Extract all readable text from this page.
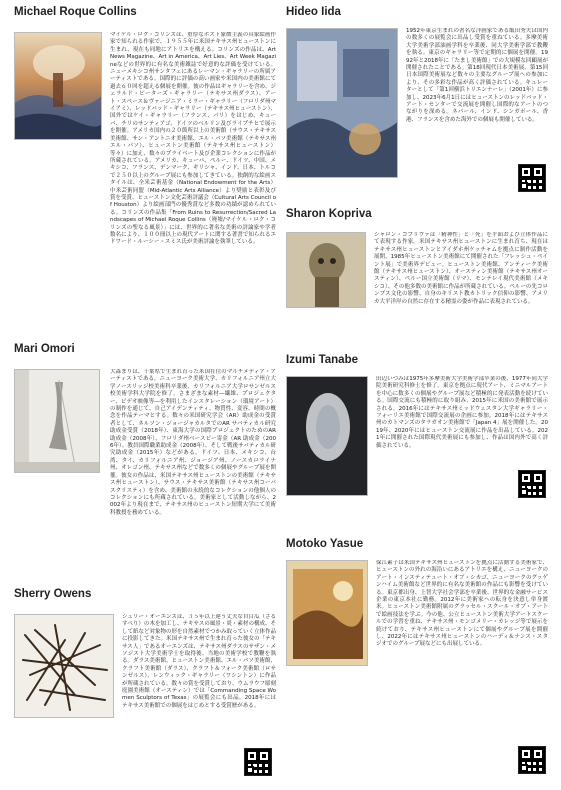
Michael Roque Collins
マイケル・ロク・コリンズは、重厚なボスト象徴主義の具象絵画作家で知られる作家で、１９５５年に米国テキサス州ヒューストンに生まれ、現在も同地にアトリエを構える。コリンズの作品は、Art News Magazine、Art in America、Art Lies、Art Week Magazineなどの世界的に有名な美術雑誌で好意的な評価を受けている。ニューメキシコ州サンタフェにあるレーマン・ギャラリーの所属アーティストである。国際的に評価の高い画家や米国内の美術館にて過去６０回を超える個展を開催。彼の作品はギャラリーを含め、ジェラルド・ピーターズ・ギャラリー（テキサス州ダラス）、アート・スペース＆ヴァージニア・ミラー・ギャラリー（フロリダ州マイアミ）、レッドバッド・ギャラリー（テキサス州ヒューストン）、国外ではケイ・ギャラリー（フランス、パリ）をはじめ、キューバ、チリのサンティアゴ、ドイツのベルリン及びライプチヒで展示を開催。アメリカ国内の２０箇所以上の美術館（サウス・テキサス美術館、サン・アントニオ美術館、エル・パソ美術館（テキサス州エル・パソ）、ヒューストン美術館（テキサス州ヒューストン）等々）に加え、数々のプライベート及び企業コレクションに作品が所蔵されている。アメリカ、キューバ、ペルー、ドイツ、中国、メキシコ、フランス、デンマーク、ギリシャ、インド、日本、トルコで２５０以上のグループ展にも参加してきている。独創的な絵画スタイルは、全米芸術基金（National Endowment for the Arts）中米芸術同盟（Mid-Atlantic Arts Alliance）より奨励と表彰及び賞を受賞、ヒューストン文化芸術評議会（Cultural Arts Council of Houston）より絵画部門の優秀賞など多数の功績が認められている。コリンズの作品集「From Ruins to Resurrection/Sacred Landscapes of Michael Roque Collins（廃墟/マイケル・ロク・コリンズの聖なる風景）」には、世界的に著名な美術の評論家や学者数名により、１００冊以上の現代アートに関する著書で知られるエドワード・ルーシー・スミス氏が美術評論を執筆している。
Mari Omori
大森まりは、千葉県で生まれ育った米国在住のマルチメディア・アーティストである。ニューヨーク美術大学、カリフォルニア州立大学ノースリッジ校美術科卒業後、カリフォルニア大学ロサンゼルス校美術学科大学院を修了。さまざまな素材―繊維、プロジェクター、ビデオ映像等―を利用したインスタレーション（環境アート）の制作を通じて、自己アイデンティティ、物質性、変容、時間の概念を作品テーマとする。数々の米国研究学会（AR）助成金の受賞者として、ネルソン・ジョージャカルタでのAR サバティカル研究助成金受賞（2018年）、東海大学の国際プロジェクトのためのAR 助成金（2008年）、フロリダ州ベースビー寄金（AR 助成金（2006年）、教員国際職業助成金（2008年）、そして戦後サバティカル研究助成金（2015年）などがある。ドイツ、日本、メキシコ、台湾、タイ、カリフォルニア州、ジョージア州、ノースカロライナ州、オレゴン州、テキサス州などで数多くの個展やグループ展を開催。彼女の作品は、米国テキサス州ヒューストンの美術館（テキサス州ヒューストン）、サウス・テキサス美術館（テキサス州コーパスクリスティ）を含め、美術館の永続的なコレクションの他個人のコレクションにも所蔵されている。美術家として活動しながら、2002年より現在まで、テキサス州のヒューストン短期大学にて美術科教授を務めている。
Sherry Owens
シェリー・オーエンズは、３５年以上違う丈夫な自目瓜（さるすべり）の木を加工し、テキサスの風景・炎・素材の構成、そして紙など対象物の形を自然素材でつかみ取っていく立体作品に投影してきた。米国テキサス州で生まれ育った彼女の「テキサス人」であるオーエンズは、テキサス州ダラスのサザン・メソジスト大学美術学士を取得後、当地の美術学校で教鞭を執る。ダラス美術館、ヒューストン美術館、エル・パソ美術館、クラフト美術館（ダラス）、クラフト＆フォーク美術館（ロサンゼルス）、レンウィック・ギャラリー（ワシントン）に作品が所蔵されている。数々の賞を受賞しており、ウムラウフ彫刻庭園美術館（オースティン）では「Commanding Space Women Sculptors of Texas」の展覧会にも出品。2018年にはテキサス美術館での個展をはじめとする受賞歴がある。
Hideo Iida
1952年東京生まれの著名な洋画家である飯田秀夫は国内の数多くの展覧会に出品し受賞を重ねている。多摩美術大学美術学部油画学科を卒業後、同大学美術学部で教鞭を執る。東京のギャラリー等で定期的に個展を開催。1992年と2018年に「たまし美術館」での大規模な回顧展が開催されたことである。第18回現代日本美術展、第15回日本国際美術展など数々の主要なグループ展への参加により、その多彩な作品が高く評価されている。キュレーターとして「第1回横浜トリエンナーレ」（2001年）に参加し、2023年6月1日にはヒューストンのレッドバッド・アート・センターで交流展を開催し国際的なアートのつながりを深める。ネパール、インド、シンガポール、香港、フランスを含めた海外での個展も開催している。
Sharon Kopriva
シャロン・コプリヴァは「精神性」と「死」を平面および立体作品にて表現する作家。米国テキサス州ヒューストンに生まれ育ち、現在はテキサス州ヒューストンとアイダホ州ケッチャムを拠点に制作活動を展開。1985年ヒューストン美術館にて開催された「フレッシュ・ペイント展」で美術界デビュー。ヒューストン美術館、アンティーク美術館（テキサス州ヒューストン）、オースティン美術館（テキサス州オースティン）、ペルー国立美術館（リマ）、モンテレイ現代美術館（メキシコ）、その他多数の美術館に作品が所蔵されている。ペルーの先コロンブス文化の影響、自身のキリスト教カトリック信仰の影響、アメリカ大平洋岸の自然に存在する精霊の姿が作品に表現されている。
Izumi Tanabe
田辺いづみは1975年多摩美術大学美術学部卒業の後、1977年同大学院美術研究科修士を修了。東京を拠点に現代アート、ミニマルアートを中心に数多くの個展やグループ展など積極的に発表活動を続けている。国際交流にも積極的に取り組み、2015年に米国の美術館で展示される。2016年にはテキサス州ミッドウェスタン大学ギャラリー・フォーリエ美術館で国際交流展の企画に参加。2018年にはテキサス州のカトマンズのタラガオン美術館で「Japan 4」展を開催した。2019年、2020年にはヒューストン交流展に作品を出品している。2021年に開催された国際現代美術展にも参加し、作品は国内外で高く評価されている。
Motoko Yasue
保江素子は米国テキサス州ヒューストンを拠点に活動する美術家で、ヒューストンの外れの海沿いにあるアトリエを構え、ニューヨークのアート・インスティテュート・オブ・シカゴ、ニューヨークのグッゲンハイム美術館など世界的に有名な美術館の作品にも影響を受けている。東京都出身、上智大学社会学部を卒業後、世界的な金融サービス企業の東京本社に勤務。2012年に美術家への転身を決意し単身渡米。ヒューストン美術館附属のグラッセル・スクール・オブ・アートで絵画技法を学ぶ。今の他、公立ヒューストン美術大学アートスクールでの学習を重ね、テキサス州・モンゴメリー・カレッジ等で展示を続けており、テキサス州ヒューストンにて個展やグループ展を開催し、2022年にはテキサス州ヒューストンのハーディ＆ナンス・スタジオでのグループ展などにも出展している。
